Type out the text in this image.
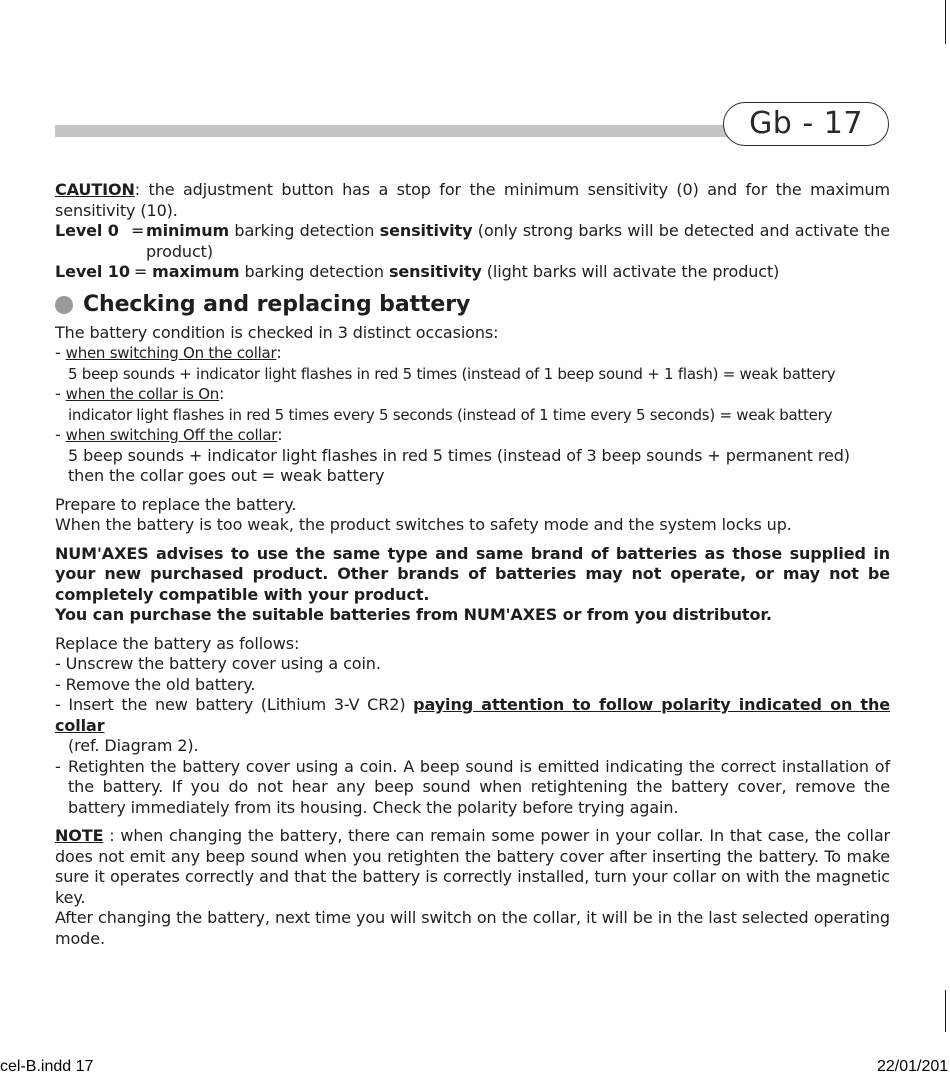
Gb - 17

CAUTION: the adjustment button has a stop for the minimum sensitivity (0) and for the maximum sensitivity (10).

Level 0 = minimum barking detection sensitivity (only strong barks will be detected and activate the product)
Level 10 = maximum barking detection sensitivity (light barks will activate the product)
Checking and replacing battery

The battery condition is checked in 3 distinct occasions:

- when switching On the collar:

5 beep sounds + indicator light flashes in red 5 times (instead of 1 beep sound + 1 flash) = weak battery

- when the collar is On:

indicator light flashes in red 5 times every 5 seconds (instead of 1 time every 5 seconds) = weak battery

- when switching Off the collar:

5 beep sounds + indicator light flashes in red 5 times (instead of 3 beep sounds + permanent red)

then the collar goes out = weak battery

Prepare to replace the battery.

When the battery is too weak, the product switches to safety mode and the system locks up.

NUM'AXES advises to use the same type and same brand of batteries as those supplied in your new purchased product. Other brands of batteries may not operate, or may not be completely compatible with your product.

You can purchase the suitable batteries from NUM'AXES or from you distributor.

Replace the battery as follows:

- Unscrew the battery cover using a coin.

- Remove the old battery.

- Insert the new battery (Lithium 3-V CR2) paying attention to follow polarity indicated on the collar

(ref. Diagram 2).

- Retighten the battery cover using a coin. A beep sound is emitted indicating the correct installation of the battery. If you do not hear any beep sound when retightening the battery cover, remove the battery immediately from its housing. Check the polarity before trying again.

NOTE : when changing the battery, there can remain some power in your collar. In that case, the collar does not emit any beep sound when you retighten the battery cover after inserting the battery. To make sure it operates correctly and that the battery is correctly installed, turn your collar on with the magnetic key.

After changing the battery, next time you will switch on the collar, it will be in the last selected operating mode.

cel-B.indd 17	22/01/201
